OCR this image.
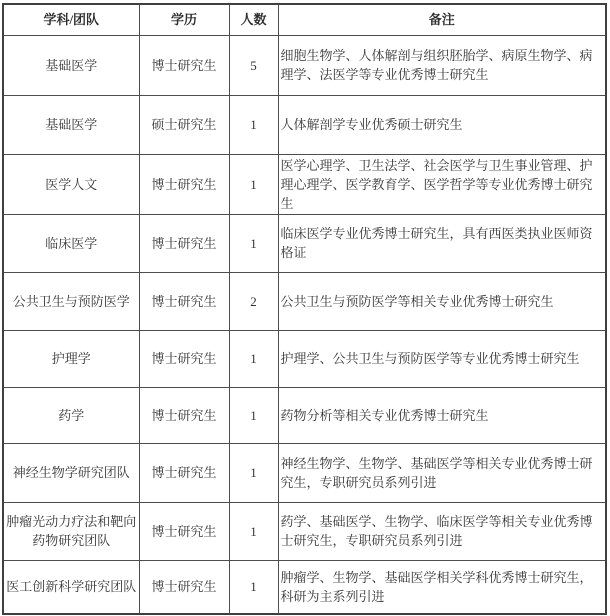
学科/团队	学历	人数	备注
基础医学	博士研究生	5	细胞生物学、人体解剖与组织胚胎学、病原生物学、病理学、法医学等专业优秀博士研究生
基础医学	硕士研究生	1	人体解剖学专业优秀硕士研究生
医学人文	博士研究生	1	医学心理学、卫生法学、社会医学与卫生事业管理、护理心理学、医学教育学、医学哲学等专业优秀博士研究生
临床医学	博士研究生	1	临床医学专业优秀博士研究生，具有西医类执业医师资格证
公共卫生与预防医学	博士研究生	2	公共卫生与预防医学等相关专业优秀博士研究生
护理学	博士研究生	1	护理学、公共卫生与预防医学等专业优秀博士研究生
药学	博士研究生	1	药物分析等相关专业优秀博士研究生
神经生物学研究团队	博士研究生	1	神经生物学、生物学、基础医学等相关专业优秀博士研究生，专职研究员系列引进
肿瘤光动力疗法和靶向药物研究团队	博士研究生	1	药学、基础医学、生物学、临床医学等相关专业优秀博士研究生，专职研究员系列引进
医工创新科学研究团队	博士研究生	1	肿瘤学、生物学、基础医学相关学科优秀博士研究生，科研为主系列引进
